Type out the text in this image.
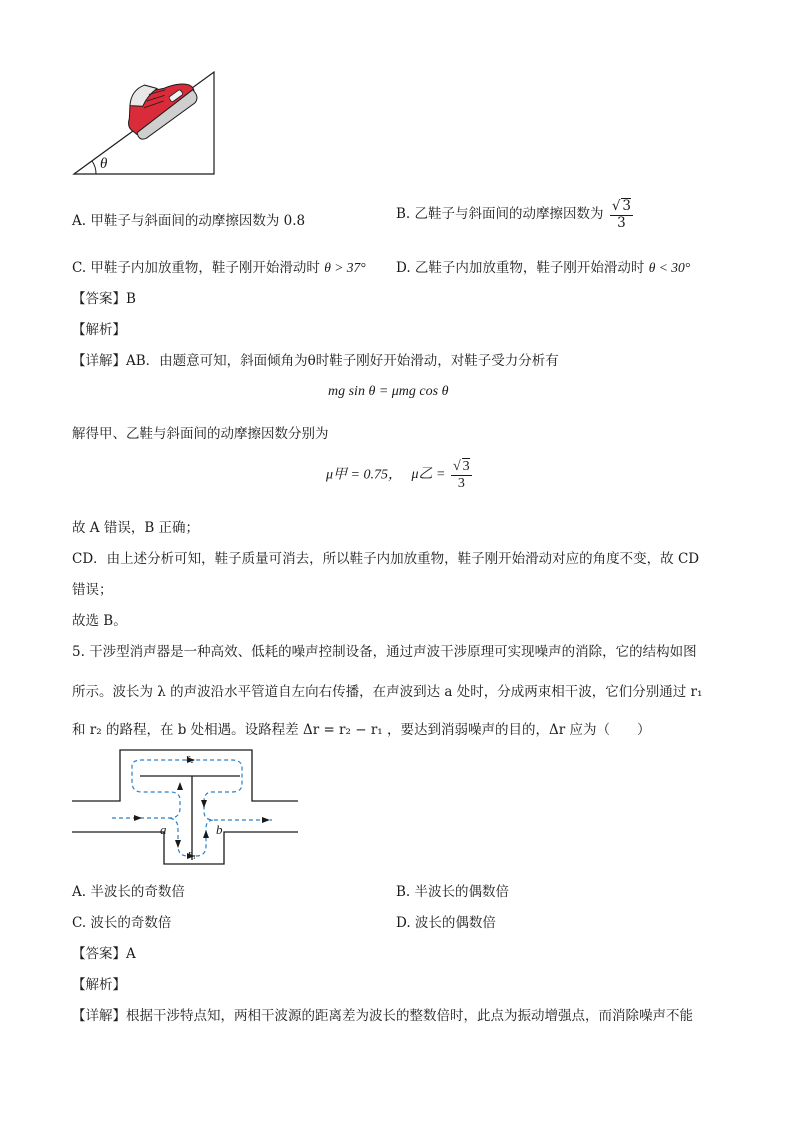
θ
A. 甲鞋子与斜面间的动摩擦因数为 0.8	B. 乙鞋子与斜面间的动摩擦因数为 $\frac{√ 3}{3}$
C. 甲鞋子内加放重物，鞋子刚开始滑动时 θ > 37° D. 乙鞋子内加放重物，鞋子刚开始滑动时 θ < 30°
【答案】B
【解析】
【详解】AB．由题意可知，斜面倾角为θ时鞋子刚好开始滑动，对鞋子受力分析有
mg sin θ = μmg cos θ
解得甲、乙鞋与斜面间的动摩擦因数分别为
μ甲 = 0.75， μ乙 = $\frac{√ 3}{3}$
故 A 错误，B 正确；
CD．由上述分析可知，鞋子质量可消去，所以鞋子内加放重物，鞋子刚开始滑动对应的角度不变，故 CD
错误；
故选 B。
5. 干涉型消声器是一种高效、低耗的噪声控制设备，通过声波干涉原理可实现噪声的消除，它的结构如图
所示。波长为 λ 的声波沿水平管道自左向右传播，在声波到达 a 处时，分成两束相干波，它们分别通过 r₁
和 r₂ 的路程，在 b 处相遇。设路程差 Δr = r₂ − r₁ ，要达到消弱噪声的目的，Δr 应为（　　）
r₂
r₁
a	b
A. 半波长的奇数倍	B. 半波长的偶数倍
C. 波长的奇数倍	D. 波长的偶数倍
【答案】A
【解析】
【详解】根据干涉特点知，两相干波源的距离差为波长的整数倍时，此点为振动增强点，而消除噪声不能
